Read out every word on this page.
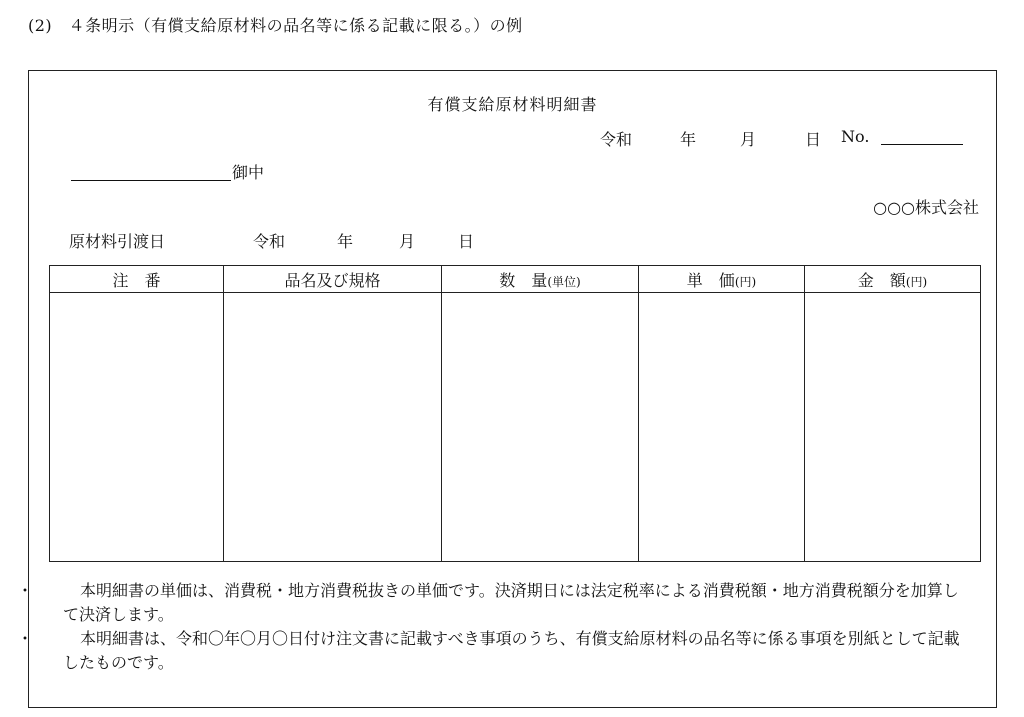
(2)　４条明示（有償支給原材料の品名等に係る記載に限る。）の例
有償支給原材料明細書
令和	年	月	日 No.
御中
○○○株式会社
原材料引渡日	令和	年	月	日
注　番	品名及び規格	数　量(単位)	単　価(円)	金　額(円)

・	本明細書の単価は、消費税・地方消費税抜きの単価です。決済期日には法定税率による消費税額・地方消費税額分を加算して決済します。
・	本明細書は、令和〇年〇月〇日付け注文書に記載すべき事項のうち、有償支給原材料の品名等に係る事項を別紙として記載したものです。
